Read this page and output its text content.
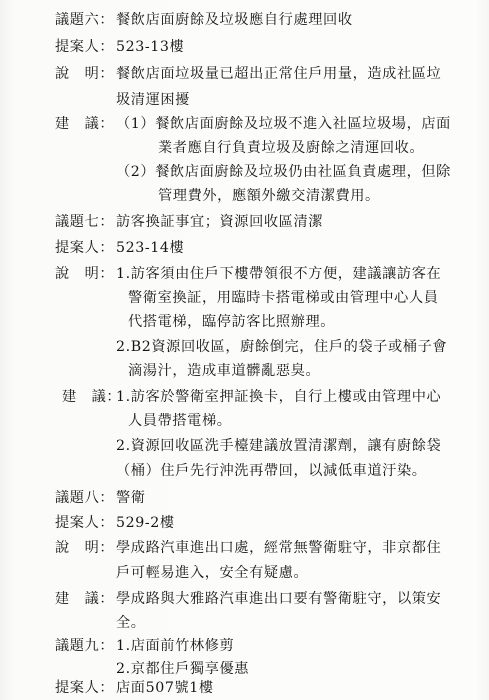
議題六： 餐飲店面廚餘及垃圾應自行處理回收
提案人： 523-13樓
說　明： 餐飲店面垃圾量已超出正常住戶用量，造成社區垃
圾清運困擾
建　議： （1）餐飲店面廚餘及垃圾不進入社區垃圾場，店面
業者應自行負責垃圾及廚餘之清運回收。
（2）餐飲店面廚餘及垃圾仍由社區負責處理，但除
管理費外，應額外繳交清潔費用。
議題七： 訪客換証事宜；資源回收區清潔
提案人： 523-14樓
說　明： 1.訪客須由住戶下樓帶領很不方便，建議讓訪客在
警衛室換証，用臨時卡搭電梯或由管理中心人員
代搭電梯，臨停訪客比照辦理。
2.B2資源回收區，廚餘倒完，住戶的袋子或桶子會
滴湯汁，造成車道髒亂惡臭。
建　議：
1.訪客於警衛室押証換卡，自行上樓或由管理中心
人員帶搭電梯。
2.資源回收區洗手檯建議放置清潔劑，讓有廚餘袋
（桶）住戶先行沖洗再帶回，以減低車道汙染。
議題八： 警衛
提案人： 529-2樓
說　明： 學成路汽車進出口處，經常無警衛駐守，非京都住
戶可輕易進入，安全有疑慮。
建　議： 學成路與大雅路汽車進出口要有警衛駐守，以策安
全。
議題九： 1.店面前竹林修剪
2.京都住戶獨享優惠
提案人： 店面507號1樓
